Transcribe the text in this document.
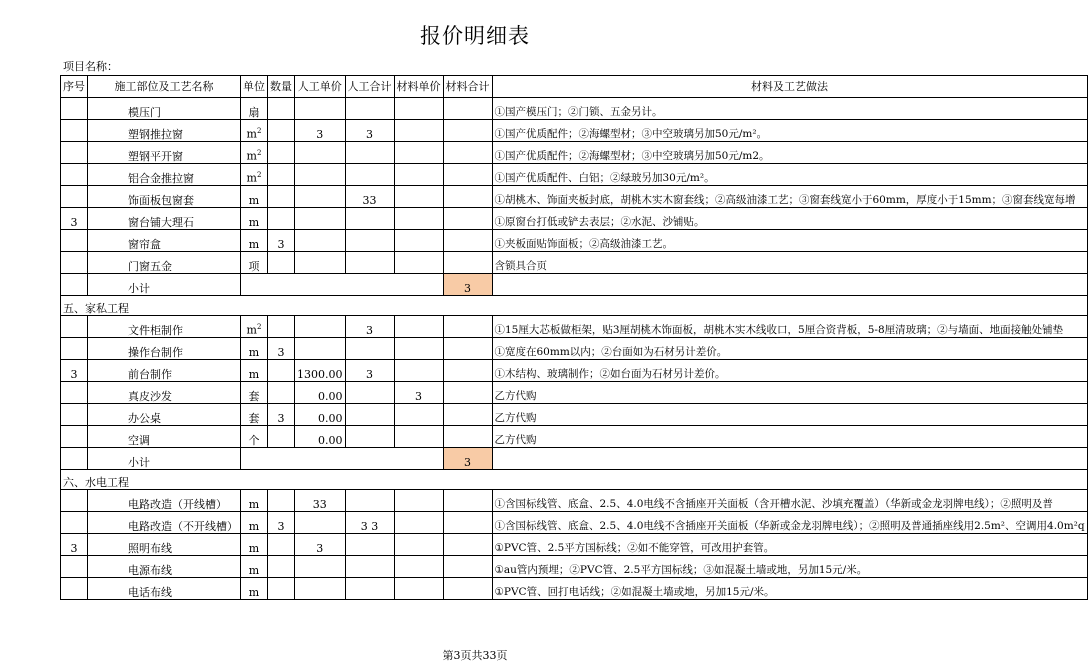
报价明细表
项目名称：
序号	施工部位及工艺名称	单位	数量	人工单价	人工合计	材料单价	材料合计	材料及工艺做法
	模压门	扇						①国产模压门；②门锁、五金另计。
	塑钢推拉窗	$m^2$		3	3			①国产优质配件；②海螺型材；③中空玻璃另加50元/m²。
	塑钢平开窗	$m^2$						①国产优质配件；②海螺型材；③中空玻璃另加50元/m2。
	铝合金推拉窗	$m^2$						①国产优质配件、白铝；②绿玻另加30元/m²。
	饰面板包窗套	m			33			①胡桃木、饰面夹板封底，胡桃木实木窗套线；②高级油漆工艺；③窗套线宽小于60mm，厚度小于15mm；③窗套线宽每增
3	窗台铺大理石	m						①原窗台打低或铲去表层；②水泥、沙铺贴。
	窗帘盒	m	3					①夹板面贴饰面板；②高级油漆工艺。
	门窗五金	项						含锁具合页
	小计						3	
五、家私工程								
	文件柜制作	$m^2$			3			①15厘大芯板做柜架，贴3厘胡桃木饰面板，胡桃木实木线收口，5厘合资背板，5-8厘清玻璃；②与墙面、地面接触处铺垫
	操作台制作	m	3					①宽度在60mm以内；②台面如为石材另计差价。
3	前台制作	m		1300.00	3			①木结构、玻璃制作；②如台面为石材另计差价。
	真皮沙发	套		0.00		3		乙方代购
	办公桌	套	3	0.00				乙方代购
	空调	个		0.00				乙方代购
	小计						3	
六、水电工程								
	电路改造（开线槽）	m		33				①含国标线管、底盒、2.5、4.0电线不含插座开关面板（含开槽水泥、沙填充覆盖）（华新或金龙羽牌电线）；②照明及普
	电路改造（不开线槽）	m	3		3 3			①含国标线管、底盒、2.5、4.0电线不含插座开关面板（华新或金龙羽牌电线）；②照明及普通插座线用2.5m²、空调用4.0m²q
3	照明布线	m		3				①PVC管、2.5平方国标线；②如不能穿管，可改用护套管。
	电源布线	m						①au管内预埋；②PVC管、2.5平方国标线；③如混凝土墙或地，另加15元/米。
	电话布线	m						①PVC管、回打电话线；②如混凝土墙或地，另加15元/米。
第3页共33页
